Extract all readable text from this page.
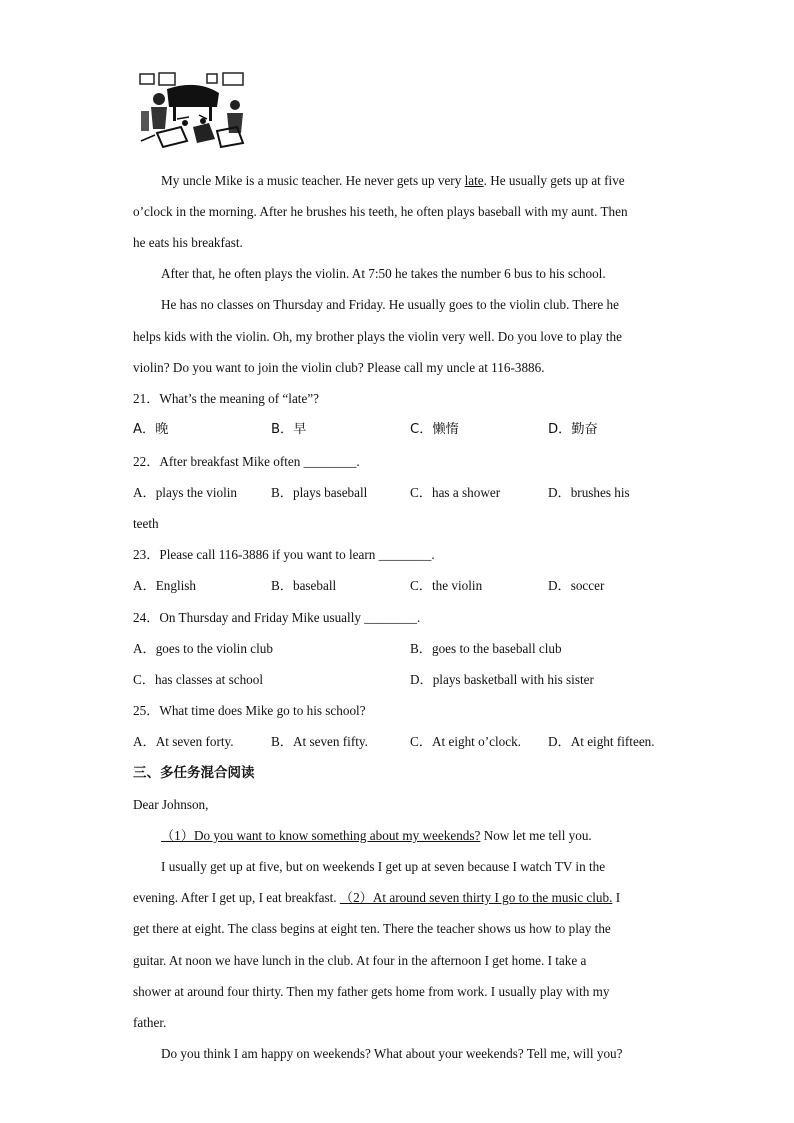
My uncle Mike is a music teacher. He never gets up very late. He usually gets up at five
o’clock in the morning. After he brushes his teeth, he often plays baseball with my aunt. Then
he eats his breakfast.
After that, he often plays the violin. At 7:50 he takes the number 6 bus to his school.
He has no classes on Thursday and Friday. He usually goes to the violin club. There he
helps kids with the violin. Oh, my brother plays the violin very well. Do you love to play the
violin? Do you want to join the violin club? Please call my uncle at 116-3886.
21．What’s the meaning of “late”?
A．晚	B．早	C．懒惰	D．勤奋
22．After breakfast Mike often ________.
A．plays the violin	B．plays baseball	C．has a shower	D．brushes his
teeth
23．Please call 116-3886 if you want to learn ________.
A．English	B．baseball	C．the violin	D．soccer
24．On Thursday and Friday Mike usually ________.
A．goes to the violin club	B．goes to the baseball club
C．has classes at school	D．plays basketball with his sister
25．What time does Mike go to his school?
A．At seven forty.	B．At seven fifty.	C．At eight o’clock. D．At eight fifteen.
三、多任务混合阅读
Dear Johnson,
（1）Do you want to know something about my weekends? Now let me tell you.
I usually get up at five, but on weekends I get up at seven because I watch TV in the
evening. After I get up, I eat breakfast. （2）At around seven thirty I go to the music club. I
get there at eight. The class begins at eight ten. There the teacher shows us how to play the
guitar. At noon we have lunch in the club. At four in the afternoon I get home. I take a
shower at around four thirty. Then my father gets home from work. I usually play with my
father.
Do you think I am happy on weekends? What about your weekends? Tell me, will you?
